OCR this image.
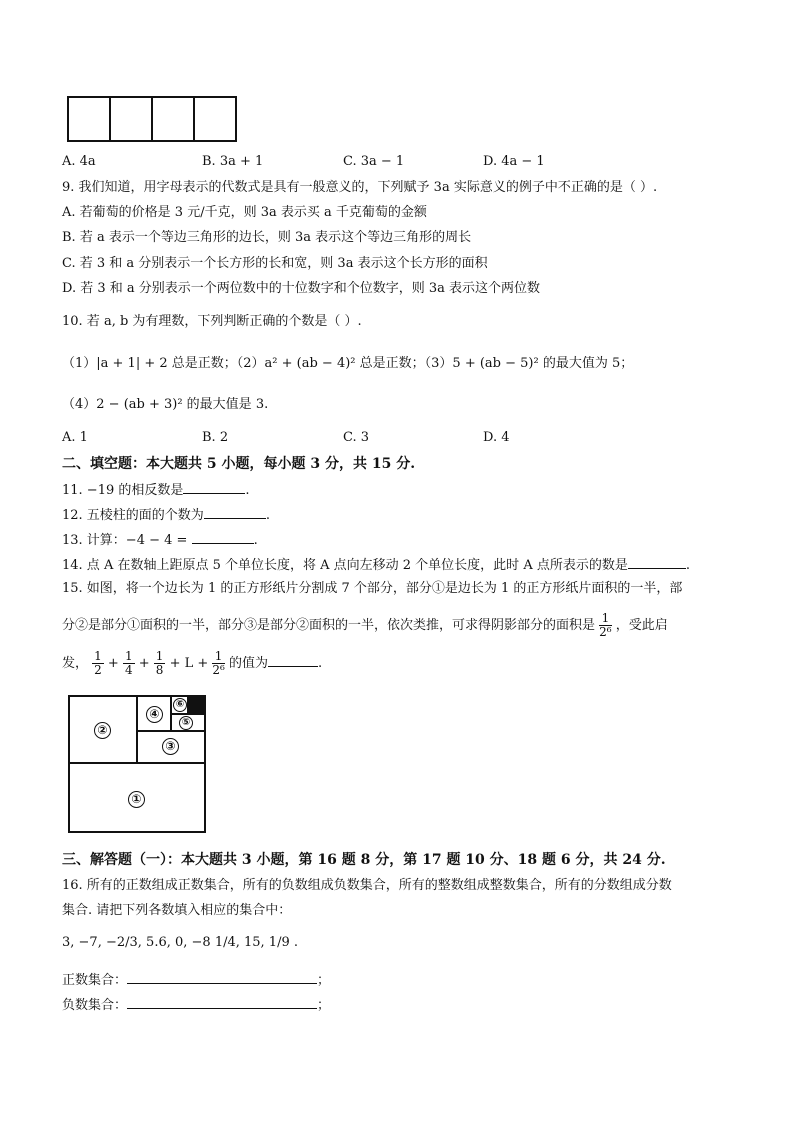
A. 4a	B. 3a + 1	C. 3a − 1	D. 4a − 1
9. 我们知道，用字母表示的代数式是具有一般意义的，下列赋予 3a 实际意义的例子中不正确的是（ ）.
A. 若葡萄的价格是 3 元/千克，则 3a 表示买 a 千克葡萄的金额
B. 若 a 表示一个等边三角形的边长，则 3a 表示这个等边三角形的周长
C. 若 3 和 a 分别表示一个长方形的长和宽，则 3a 表示这个长方形的面积
D. 若 3 和 a 分别表示一个两位数中的十位数字和个位数字，则 3a 表示这个两位数
10. 若 a, b 为有理数，下列判断正确的个数是（ ）.
（1）|a + 1| + 2 总是正数；（2）a² + (ab − 4)² 总是正数；（3）5 + (ab − 5)² 的最大值为 5；
（4）2 − (ab + 3)² 的最大值是 3.
A. 1	B. 2	C. 3	D. 4
二、填空题：本大题共 5 小题，每小题 3 分，共 15 分.
11. −19 的相反数是	.
12. 五棱柱的面的个数为	.
13. 计算：−4 − 4 =	.
14. 点 A 在数轴上距原点 5 个单位长度，将 A 点向左移动 2 个单位长度，此时 A 点所表示的数是	.
15. 如图，将一个边长为 1 的正方形纸片分割成 7 个部分，部分①是边长为 1 的正方形纸片面积的一半，部
分②是部分①面积的一半，部分③是部分②面积的一半，依次类推，可求得阴影部分的面积是 $\frac{1}{\text{2⁶}}$ ，受此启
发， $\frac{1}{2} + \frac{1}{4} + \frac{1}{8} + L + \frac{1}{\text{2⁶}}$ 的值为	.
①
②
③
④
⑤
⑥
三、解答题（一）：本大题共 3 小题，第 16 题 8 分，第 17 题 10 分、18 题 6 分，共 24 分.
16. 所有的正数组成正数集合，所有的负数组成负数集合，所有的整数组成整数集合，所有的分数组成分数
集合. 请把下列各数填入相应的集合中：
3, −7, −2/3, 5.6, 0, −8 1/4, 15, 1/9 .
正数集合：	；
负数集合：	；
